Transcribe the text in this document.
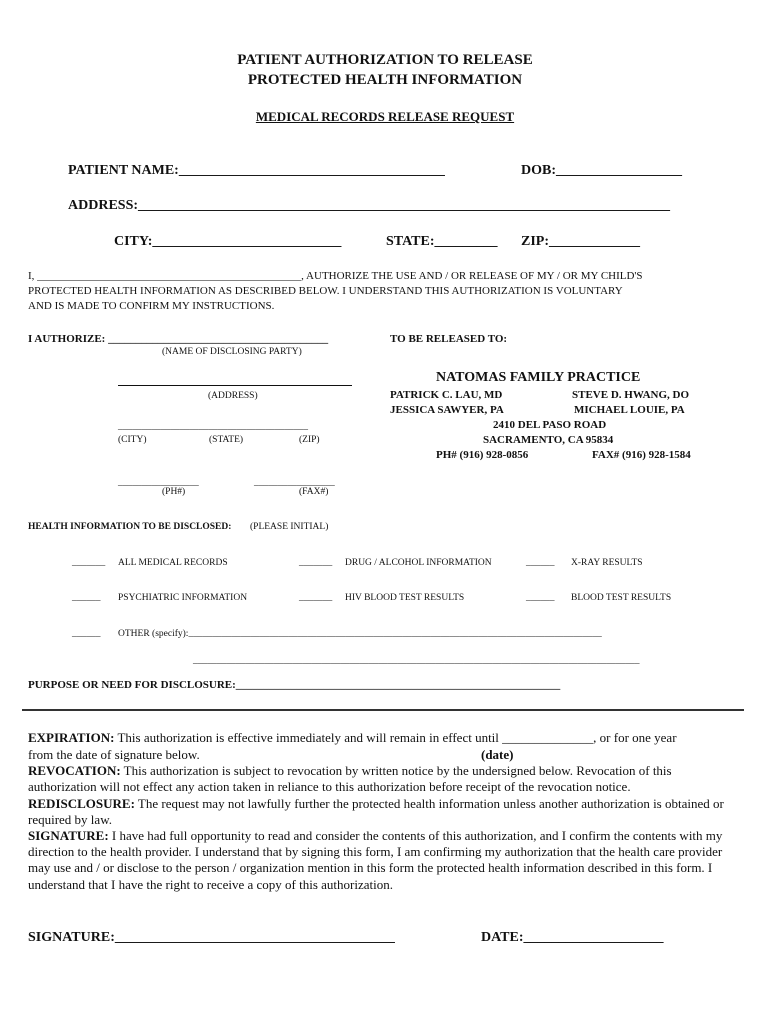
PATIENT AUTHORIZATION TO RELEASE
PROTECTED HEALTH INFORMATION
MEDICAL RECORDS RELEASE REQUEST
PATIENT NAME:______________________________________	DOB:__________________
ADDRESS:____________________________________________________________________________
CITY:___________________________	STATE:_________ ZIP:_____________
I, ________________________________________________, AUTHORIZE THE USE AND / OR RELEASE OF MY / OR MY CHILD'S
PROTECTED HEALTH INFORMATION AS DESCRIBED BELOW. I UNDERSTAND THIS AUTHORIZATION IS VOLUNTARY
AND IS MADE TO CONFIRM MY INSTRUCTIONS.
I AUTHORIZE: ________________________________________
(NAME OF DISCLOSING PARTY)
(ADDRESS)
________________________________________
(CITY)	(STATE)	(ZIP)
_________________	_________________
(PH#)	(FAX#)
TO BE RELEASED TO:
NATOMAS FAMILY PRACTICE
PATRICK C. LAU, MD	STEVE D. HWANG, DO
JESSICA SAWYER, PA	MICHAEL LOUIE, PA
2410 DEL PASO ROAD
SACRAMENTO, CA 95834
PH# (916) 928-0856	FAX# (916) 928-1584
HEALTH INFORMATION TO BE DISCLOSED: (PLEASE INITIAL)
_______ ALL MEDICAL RECORDS	_______ DRUG / ALCOHOL INFORMATION	______ X-RAY RESULTS
______ PSYCHIATRIC INFORMATION	_______ HIV BLOOD TEST RESULTS	______ BLOOD TEST RESULTS
______ OTHER (specify):_______________________________________________________________________________________
______________________________________________________________________________________________
PURPOSE OR NEED FOR DISCLOSURE:___________________________________________________________
EXPIRATION: This authorization is effective immediately and will remain in effect until ______________, or for one year
from the date of signature below.	(date)
REVOCATION: This authorization is subject to revocation by written notice by the undersigned below. Revocation of this authorization will not effect any action taken in reliance to this authorization before receipt of the revocation notice.
REDISCLOSURE: The request may not lawfully further the protected health information unless another authorization is obtained or required by law.
SIGNATURE: I have had full opportunity to read and consider the contents of this authorization, and I confirm the contents with my direction to the health provider. I understand that by signing this form, I am confirming my authorization that the health care provider may use and / or disclose to the person / organization mention in this form the protected health information described in this form. I understand that I have the right to receive a copy of this authorization.
SIGNATURE:________________________________________	DATE:____________________
